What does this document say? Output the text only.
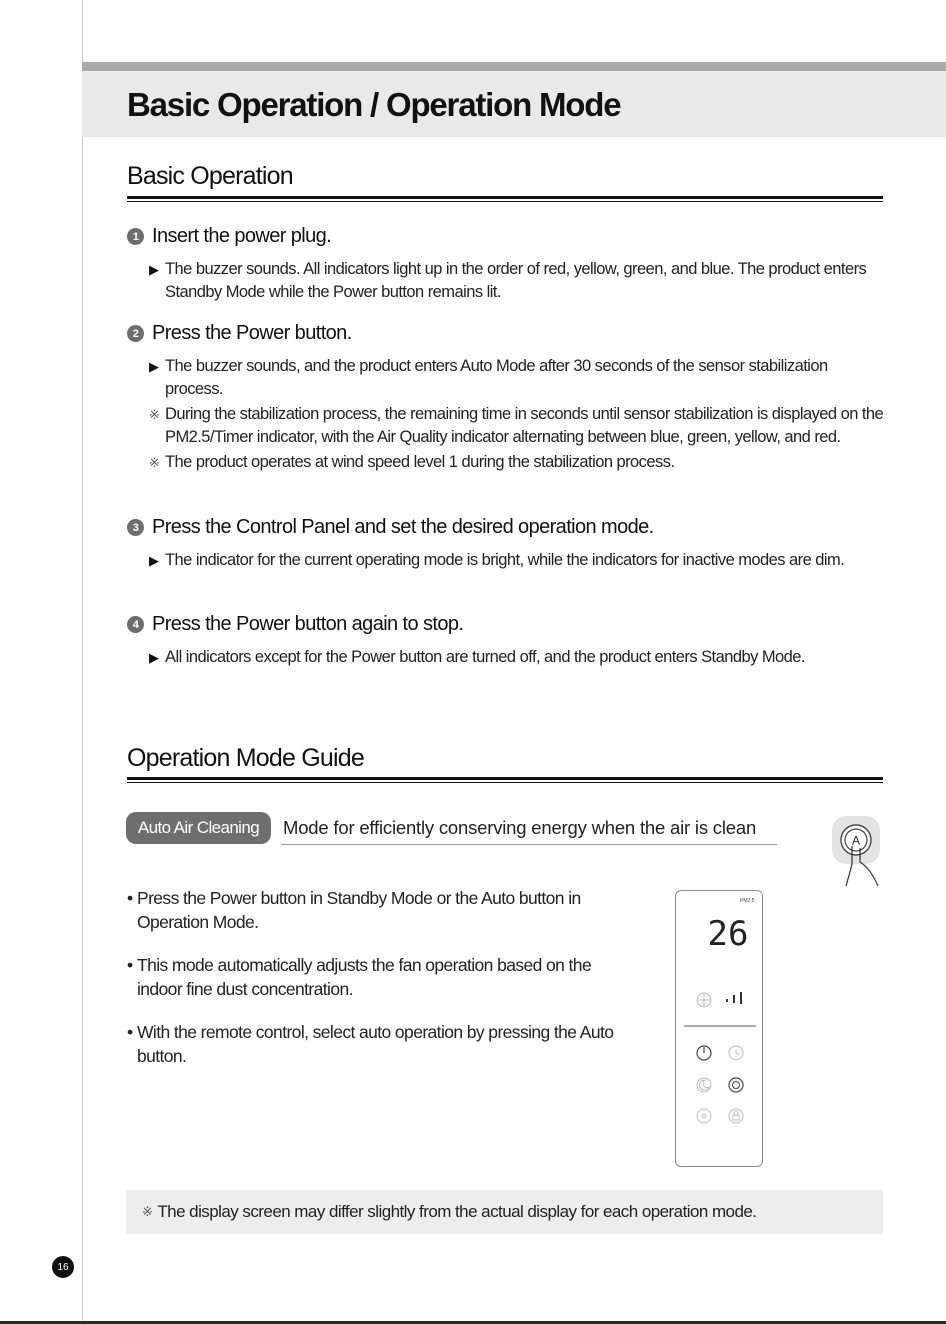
Basic Operation / Operation Mode
Basic Operation
1 Insert the power plug.
▶ The buzzer sounds. All indicators light up in the order of red, yellow, green, and blue. The product enters Standby Mode while the Power button remains lit.
2 Press the Power button.
▶ The buzzer sounds, and the product enters Auto Mode after 30 seconds of the sensor stabilization process.
※ During the stabilization process, the remaining time in seconds until sensor stabilization is displayed on the PM2.5/Timer indicator, with the Air Quality indicator alternating between blue, green, yellow, and red.
※ The product operates at wind speed level 1 during the stabilization process.
3 Press the Control Panel and set the desired operation mode.
▶ The indicator for the current operating mode is bright, while the indicators for inactive modes are dim.
4 Press the Power button again to stop.
▶ All indicators except for the Power button are turned off, and the product enters Standby Mode.
Operation Mode Guide
Auto Air Cleaning	Mode for efficiently conserving energy when the air is clean
A
• Press the Power button in Standby Mode or the Auto button in Operation Mode.
• This mode automatically adjusts the fan operation based on the indoor fine dust concentration.
• With the remote control, select auto operation by pressing the Auto button.
PM2.5
26
※ The display screen may differ slightly from the actual display for each operation mode.
16
